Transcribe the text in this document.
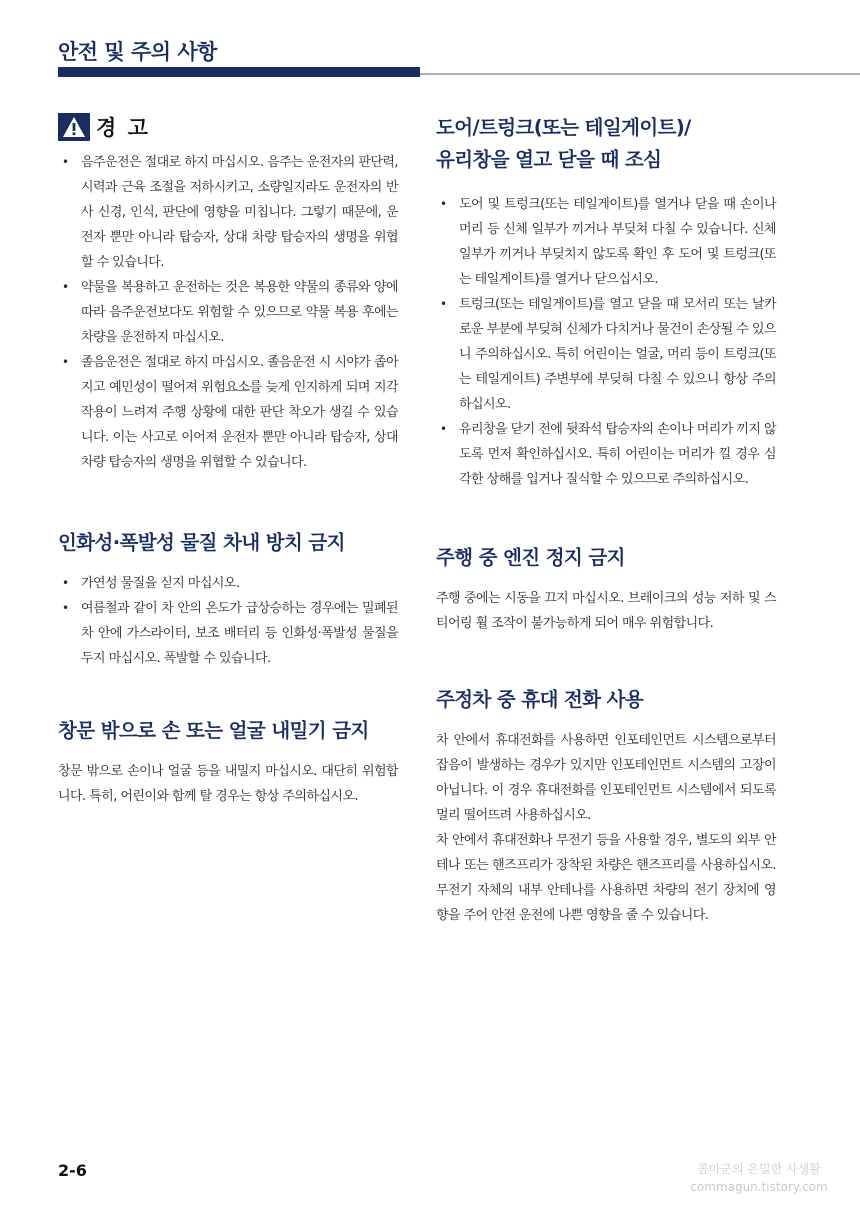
안전 및 주의 사항
경 고
• 음주운전은 절대로 하지 마십시오. 음주는 운전자의 판단력, 시력과 근육 조절을 저하시키고, 소량일지라도 운전자의 반사 신경, 인식, 판단에 영향을 미칩니다. 그렇기 때문에, 운전자 뿐만 아니라 탑승자, 상대 차량 탑승자의 생명을 위협할 수 있습니다.
• 약물을 복용하고 운전하는 것은 복용한 약물의 종류와 양에 따라 음주운전보다도 위험할 수 있으므로 약물 복용 후에는 차량을 운전하지 마십시오.
• 졸음운전은 절대로 하지 마십시오. 졸음운전 시 시야가 좁아지고 예민성이 떨어져 위험요소를 늦게 인지하게 되며 지각 작용이 느려져 주행 상황에 대한 판단 착오가 생길 수 있습니다. 이는 사고로 이어져 운전자 뿐만 아니라 탑승자, 상대 차량 탑승자의 생명을 위협할 수 있습니다.
인화성·폭발성 물질 차내 방치 금지
• 가연성 물질을 싣지 마십시오.
• 여름철과 같이 차 안의 온도가 급상승하는 경우에는 밀폐된 차 안에 가스라이터, 보조 배터리 등 인화성·폭발성 물질을 두지 마십시오. 폭발할 수 있습니다.
창문 밖으로 손 또는 얼굴 내밀기 금지

창문 밖으로 손이나 얼굴 등을 내밀지 마십시오. 대단히 위험합니다. 특히, 어린이와 함께 탈 경우는 항상 주의하십시오.

도어/트렁크(또는 테일게이트)/
유리창을 열고 닫을 때 조심
• 도어 및 트렁크(또는 테일게이트)를 열거나 닫을 때 손이나 머리 등 신체 일부가 끼거나 부딪쳐 다칠 수 있습니다. 신체 일부가 끼거나 부딪치지 않도록 확인 후 도어 및 트렁크(또는 테일게이트)를 열거나 닫으십시오.
• 트렁크(또는 테일게이트)를 열고 닫을 때 모서리 또는 날카로운 부분에 부딪혀 신체가 다치거나 물건이 손상될 수 있으니 주의하십시오. 특히 어린이는 얼굴, 머리 등이 트렁크(또는 테일게이트) 주변부에 부딪혀 다칠 수 있으니 항상 주의하십시오.
• 유리창을 닫기 전에 뒷좌석 탑승자의 손이나 머리가 끼지 않도록 먼저 확인하십시오. 특히 어린이는 머리가 낄 경우 심각한 상해를 입거나 질식할 수 있으므로 주의하십시오.
주행 중 엔진 정지 금지

주행 중에는 시동을 끄지 마십시오. 브레이크의 성능 저하 및 스티어링 휠 조작이 불가능하게 되어 매우 위험합니다.

주정차 중 휴대 전화 사용

차 안에서 휴대전화를 사용하면 인포테인먼트 시스템으로부터 잡음이 발생하는 경우가 있지만 인포테인먼트 시스템의 고장이 아닙니다. 이 경우 휴대전화를 인포테인먼트 시스템에서 되도록 멀리 떨어뜨려 사용하십시오.

차 안에서 휴대전화나 무전기 등을 사용할 경우, 별도의 외부 안테나 또는 핸즈프리가 장착된 차량은 핸즈프리를 사용하십시오. 무전기 자체의 내부 안테나를 사용하면 차량의 전기 장치에 영향을 주어 안전 운전에 나쁜 영향을 줄 수 있습니다.

2-6	콤마군의 은밀한 사생활
commagun.tistory.com
